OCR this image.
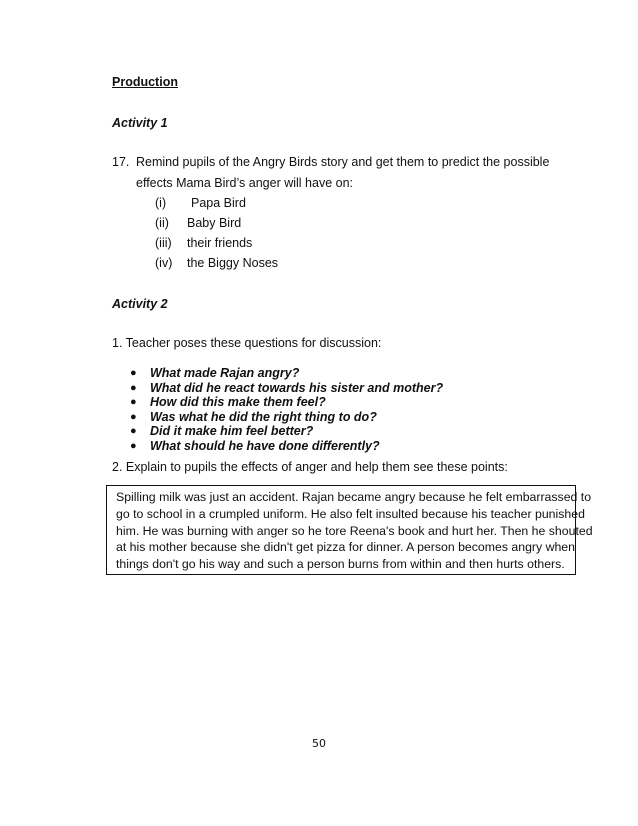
Production
Activity 1
17. Remind pupils of the Angry Birds story and get them to predict the possible
effects Mama Bird’s anger will have on:
(i) Papa Bird
(ii) Baby Bird
(iii) their friends
(iv) the Biggy Noses
Activity 2
1. Teacher poses these questions for discussion:
● What made Rajan angry?
● What did he react towards his sister and mother?
● How did this make them feel?
● Was what he did the right thing to do?
● Did it make him feel better?
● What should he have done differently?
2. Explain to pupils the effects of anger and help them see these points:

Spilling milk was just an accident. Rajan became angry because he felt embarrassed to

go to school in a crumpled uniform. He also felt insulted because his teacher punished

him. He was burning with anger so he tore Reena's book and hurt her. Then he shouted

at his mother because she didn't get pizza for dinner. A person becomes angry when

things don't go his way and such a person burns from within and then hurts others.

50
